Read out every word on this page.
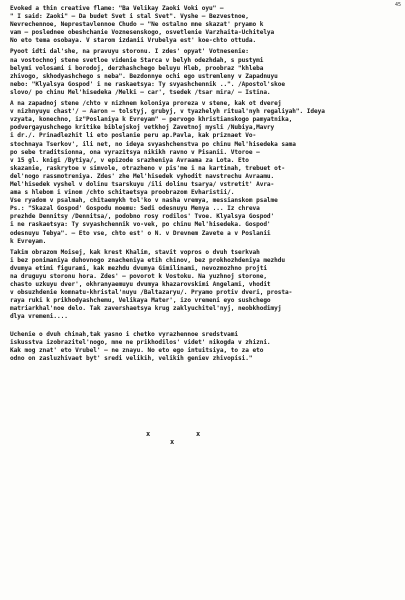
45

Evoked a thin creative flame: "Ba Velikay Zaoki Voki oyu" —
" I said: Zaoki" – Da budet Svet i stal Svet". Vyshe – Bezvestnoe,
Nevrechennoe, Neprestavlennoe Chudo – "Ne ostalno mne skazat' pryamo k
vam – poslednee obeshchanie Voznesenskogo, osvetlenie Varzhaita-Uchitelya
No eto tema osobaya. V starom izdanii Vrubelya est' koe-chto ottuda.

Pyoot idti dal'she, na pravuyu storonu. I zdes' opyat' Votnesenie:
na vostochnoj stene svetloe videnie Starca v belyh odezhdah, s pustymi
belymi volosami i borodoj, derzhashchego beluyu Hleb, proobraz "khleba
zhivogo, skhodyashchego s neba". Bezdonnye ochi ego ustremleny v Zapadnuyu
nebo: "Klyalsya Gospod' i ne raskaetsya: Ty svyashchennik ..". /Apostol'skoe
slovo/ po chinu Mel'hisedeka /Melki – car', tsedek /tsar mira/ – Istina.

A na zapadnoj stene /chto v nizhnem koloniya proreza v stene, kak ot dverej
v nizhnyuyu chast'/ – Aaron – tolstyj, grubyj, v tyazhelyh ritual'nyh regaliyah". Ideya
vzyata, konechno, iz"Poslaniya k Evreyam" – pervogo khristianskogo pamyatnika,
podvergayushchego kritike biblejskoj vetkhoj Zavetnoj mysli /Nubiya,Mavry
i dr./. Prinadlezhit li eto poslanie peru ap.Pavla, kak priznaet Vo-
stochnaya Tserkov', ili net, no ideya svyashchenstva po chinu Mel'hisedeka sama
po sebe traditsionna, ona vyrazitsya nikikh ravno v Pisanii. Vtoroe –
v 15 gl. knigi /Bytiya/, v epizode srazheniya Avraama za Lota. Eto
skazanie, raskrytoe v simvole, otrazheno v pis'me i na kartinah, trebuet ot-
del'nogo rassmotreniya. Zdes' zhe Mel'hisedek vyhodit navstrechu Avraamu.
Mel'hisedek vyshel v dolinu tsarskuyu /ili dolinu tsarya/ vstretit' Avra-
ama s hlebom i vinom /chto schitaetsya proobrazom Evharistii/.
Vse ryadom v psalmah, chitaemykh tol'ko v nasha vremya, messianskom psalme
Ps.: "Skazal Gospod' Gospodu moemu: Sedi odesnuyu Menya ... Iz chreva
prezhde Dennitsy /Dennitsa/, podobno rosy rodilos' Tvoe. Klyalsya Gospod'
i ne raskaetsya: Ty svyashchennik vo-vek, po chinu Mel'hisedeka. Gospod'
odesnuyu Tebya". – Eto vse, chto est' o N. v Drevnem Zavete a v Poslanii
k Evreyam.

Takim obrazom Moisej, kak krest Khalim, stavit vopros o dvuh tserkvah
i bez ponimaniya duhovnogo znacheniya etih chinov, bez prokhozhdeniya mezhdu
dvumya etimi figurami, kak mezhdu dvumya Gimilinami, nevozmozhno projti
na druguyu storonu hora. Zdes' – povorot k Vostoku. Na yuzhnoj storone,
chasto uzkuyu dver', okhranyaemuyu dvumya khazarovskimi Angelami, vhodit
v obsuzhdenie komnatu-khristal'nuyu /Baltazaryu/. Pryamo protiv dveri, prosta-
raya ruki k prikhodyashchemu, Velikaya Mater', izo vremeni eyo sushchego
matriarkhal'noe delo. Tak zavershaetsya krug zaklyuchitel'nyj, neobkhodimyj
dlya vremeni....

Uchenie o dvuh chinah,tak yasno i chetko vyrazhennoe sredstvami
iskusstva izobrazitel'nogo, mne ne prikhodilos' videt' nikogda v zhizni.
Kak mog znat' eto Vrubel' – ne znayu. No eto ego intuitsiya, to za eto
odno on zasluzhivaet byt' sredi velikih, velikih geniev zhivopisi."

x	x
x
